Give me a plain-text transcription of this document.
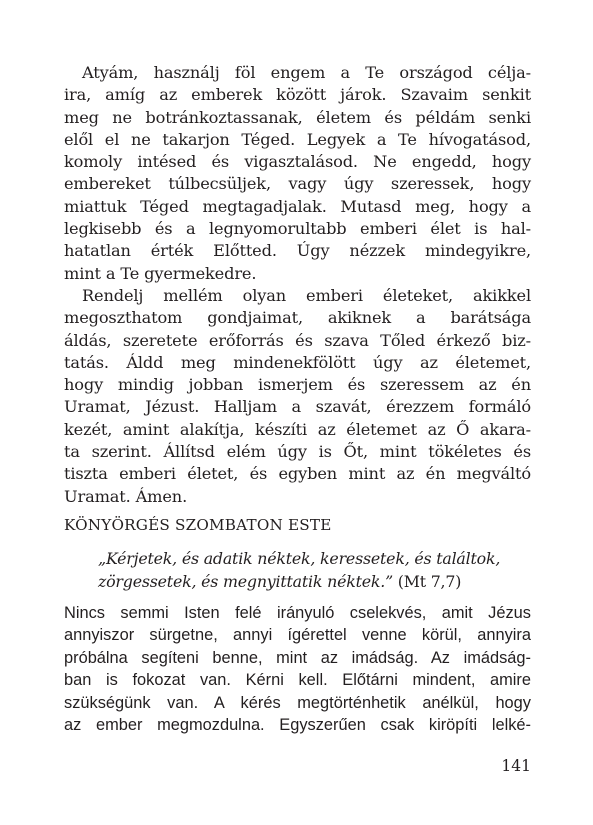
Atyám, használj föl engem a Te országod célja-
ira, amíg az emberek között járok. Szavaim senkit
meg ne botránkoztassanak, életem és példám senki
elől el ne takarjon Téged. Legyek a Te hívogatásod,
komoly intésed és vigasztalásod. Ne engedd, hogy
embereket túlbecsüljek, vagy úgy szeressek, hogy
miattuk Téged megtagadjalak. Mutasd meg, hogy a
legkisebb és a legnyomorultabb emberi élet is hal-
hatatlan érték Előtted. Úgy nézzek mindegyikre,
mint a Te gyermekedre.

Rendelj mellém olyan emberi életeket, akikkel
megoszthatom gondjaimat, akiknek a barátsága
áldás, szeretete erőforrás és szava Tőled érkező biz-
tatás. Áldd meg mindenekfölött úgy az életemet,
hogy mindig jobban ismerjem és szeressem az én
Uramat, Jézust. Halljam a szavát, érezzem formáló
kezét, amint alakítja, készíti az életemet az Ő akara-
ta szerint. Állítsd elém úgy is Őt, mint tökéletes és
tiszta emberi életet, és egyben mint az én megváltó
Uramat. Ámen.

KÖNYÖRGÉS SZOMBATON ESTE
„Kérjetek, és adatik néktek, keressetek, és találtok,
zörgessetek, és megnyittatik néktek.” (Mt 7,7)

Nincs semmi Isten felé irányuló cselekvés, amit Jézus
annyiszor sürgetne, annyi ígérettel venne körül, annyira
próbálna segíteni benne, mint az imádság. Az imádság-
ban is fokozat van. Kérni kell. Előtárni mindent, amire
szükségünk van. A kérés megtörténhetik anélkül, hogy
az ember megmozdulna. Egyszerűen csak kiröpíti lelké-

141
